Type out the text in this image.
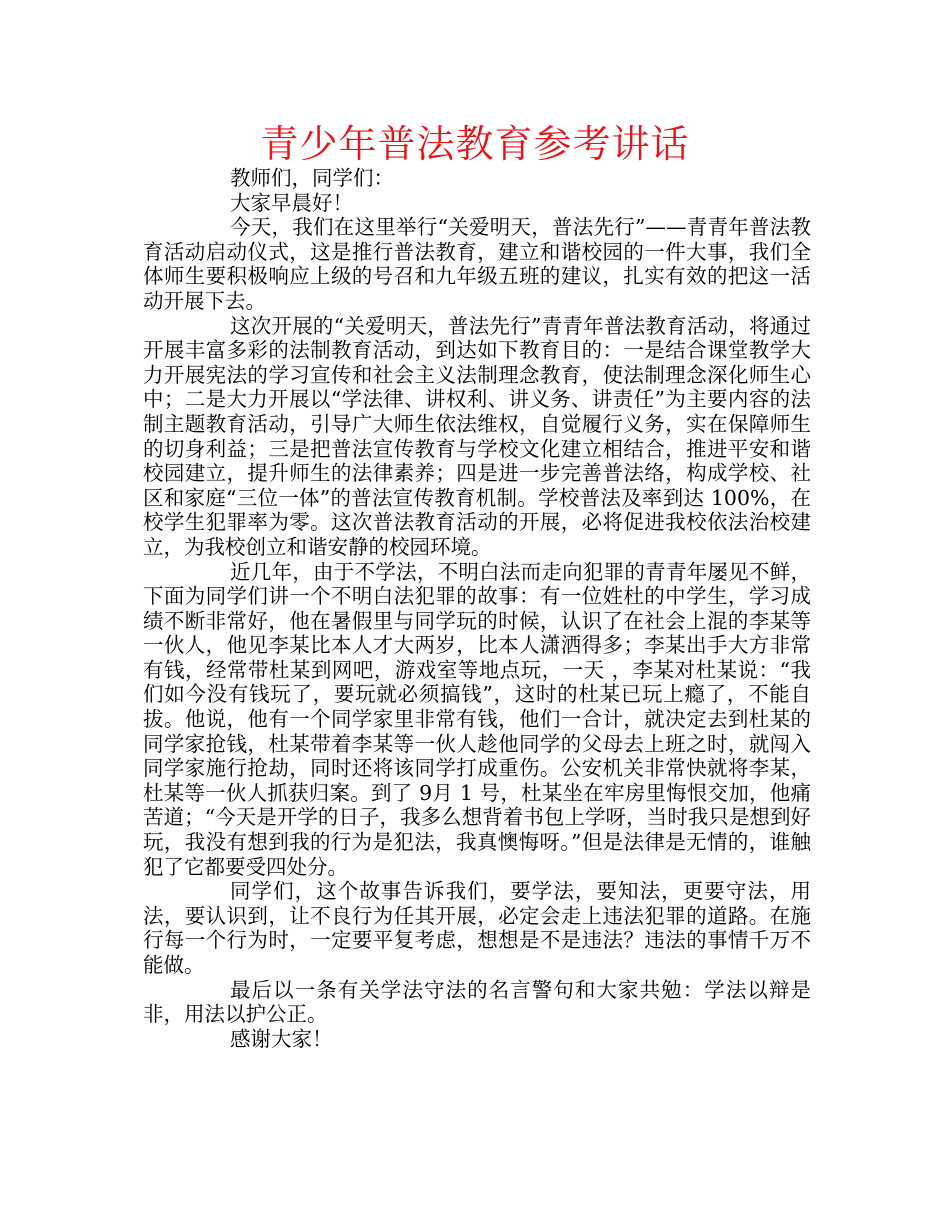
青少年普法教育参考讲话

教师们，同学们：

大家早晨好！

今天，我们在这里举行“关爱明天，普法先行”——青青年普法教育活动启动仪式，这是推行普法教育，建立和谐校园的一件大事，我们全体师生要积极响应上级的号召和九年级五班的建议，扎实有效的把这一活动开展下去。

这次开展的“关爱明天，普法先行”青青年普法教育活动，将通过开展丰富多彩的法制教育活动，到达如下教育目的：一是结合课堂教学大力开展宪法的学习宣传和社会主义法制理念教育，使法制理念深化师生心中；二是大力开展以“学法律、讲权利、讲义务、讲责任”为主要内容的法制主题教育活动，引导广大师生依法维权，自觉履行义务，实在保障师生的切身利益；三是把普法宣传教育与学校文化建立相结合，推进平安和谐校园建立，提升师生的法律素养；四是进一步完善普法络，构成学校、社区和家庭“三位一体”的普法宣传教育机制。学校普法及率到达 100%，在校学生犯罪率为零。这次普法教育活动的开展，必将促进我校依法治校建立，为我校创立和谐安静的校园环境。

近几年，由于不学法，不明白法而走向犯罪的青青年屡见不鲜，下面为同学们讲一个不明白法犯罪的故事：有一位姓杜的中学生，学习成绩不断非常好，他在暑假里与同学玩的时候，认识了在社会上混的李某等一伙人，他见李某比本人才大两岁，比本人潇洒得多；李某出手大方非常有钱，经常带杜某到网吧，游戏室等地点玩，一天 ，李某对杜某说：“我们如今没有钱玩了，要玩就必须搞钱”，这时的杜某已玩上瘾了，不能自拔。他说，他有一个同学家里非常有钱，他们一合计，就决定去到杜某的同学家抢钱，杜某带着李某等一伙人趁他同学的父母去上班之时，就闯入同学家施行抢劫，同时还将该同学打成重伤。公安机关非常快就将李某，杜某等一伙人抓获归案。到了 9月 1 号，杜某坐在牢房里悔恨交加，他痛苦道；“今天是开学的日子，我多么想背着书包上学呀，当时我只是想到好玩，我没有想到我的行为是犯法，我真懊悔呀。”但是法律是无情的，谁触犯了它都要受四处分。

同学们，这个故事告诉我们，要学法，要知法，更要守法，用法，要认识到，让不良行为任其开展，必定会走上违法犯罪的道路。在施行每一个行为时，一定要平复考虑，想想是不是违法？违法的事情千万不能做。

最后以一条有关学法守法的名言警句和大家共勉：学法以辩是非，用法以护公正。

感谢大家！
